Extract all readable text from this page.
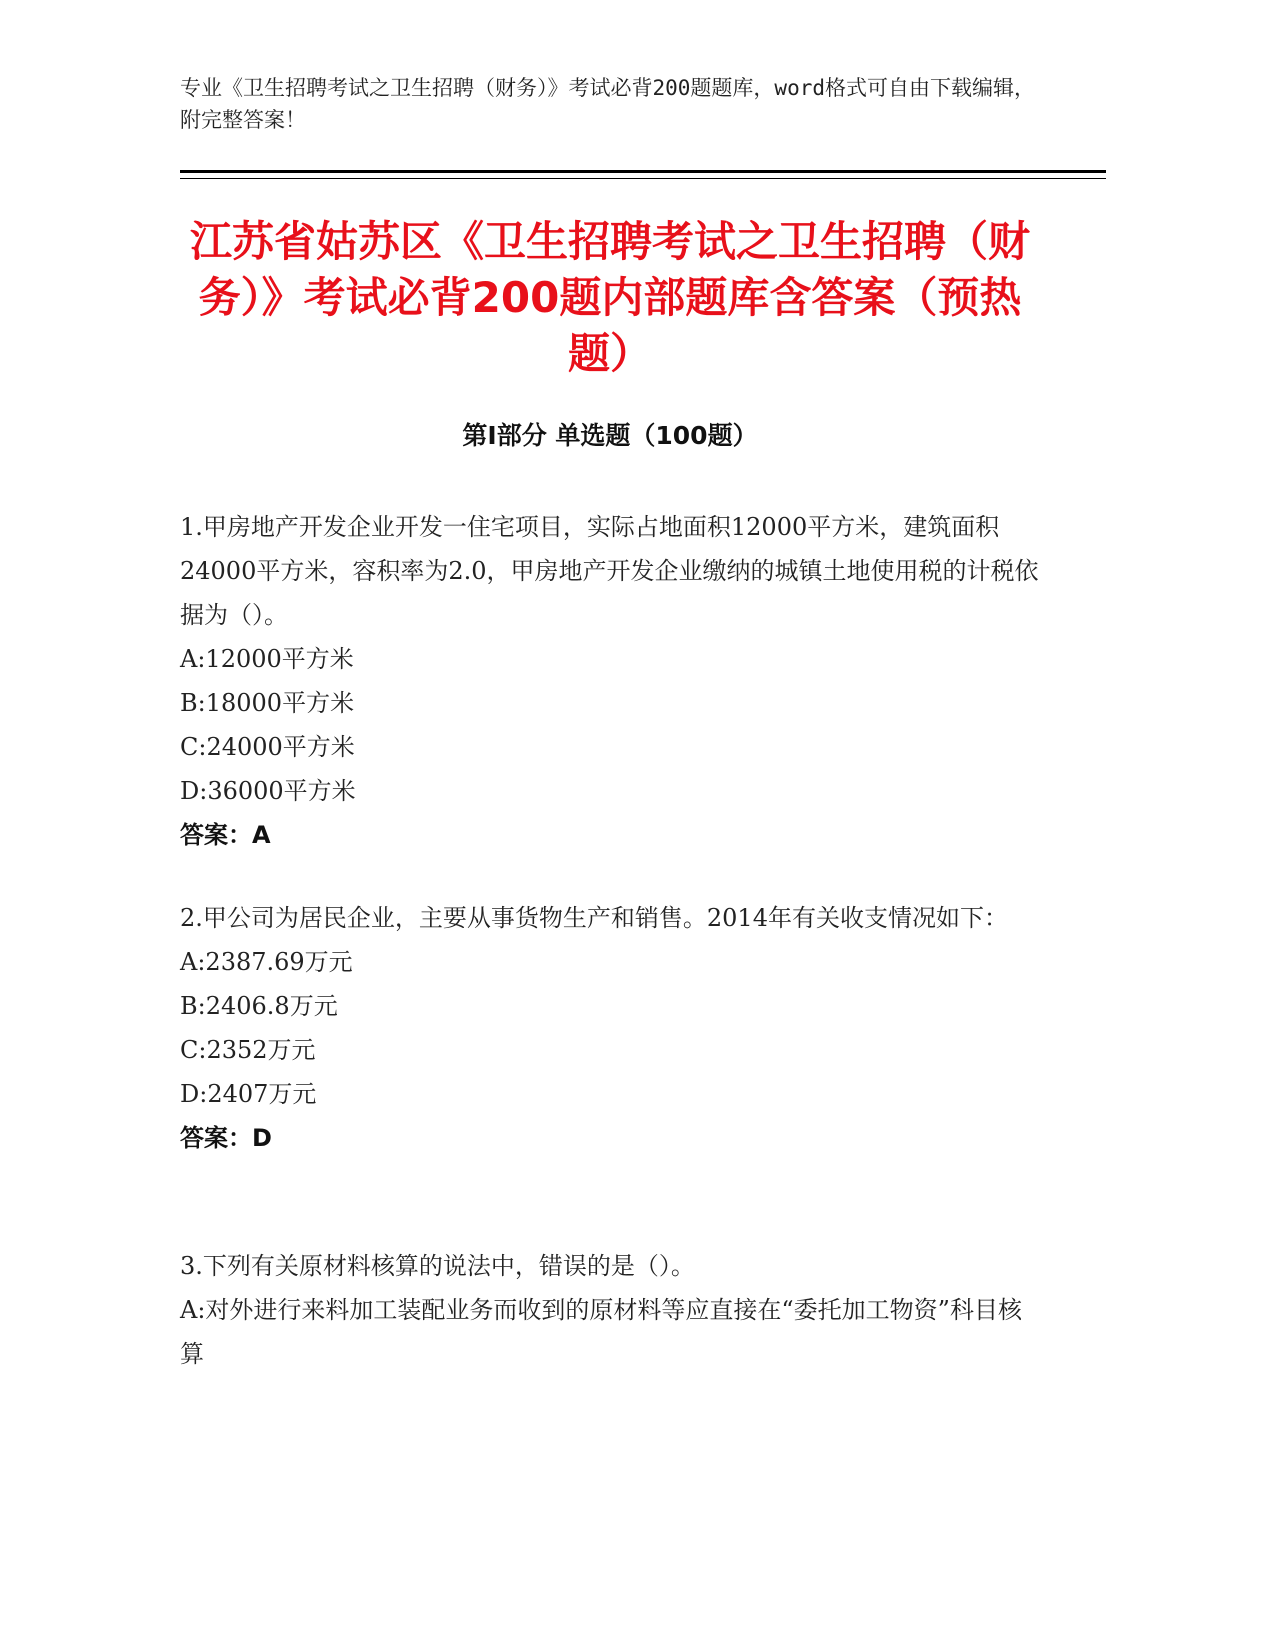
专业《卫生招聘考试之卫生招聘（财务）》考试必背200题题库，word格式可自由下载编辑，附完整答案！
江苏省姑苏区《卫生招聘考试之卫生招聘（财务）》考试必背200题内部题库含答案（预热题）
第Ⅰ部分 单选题（100题）

1.甲房地产开发企业开发一住宅项目，实际占地面积12000平方米，建筑面积24000平方米，容积率为2.0，甲房地产开发企业缴纳的城镇土地使用税的计税依据为（）。

A:12000平方米

B:18000平方米

C:24000平方米

D:36000平方米

答案：A

2.甲公司为居民企业，主要从事货物生产和销售。2014年有关收支情况如下：

A:2387.69万元

B:2406.8万元

C:2352万元

D:2407万元

答案：D

3.下列有关原材料核算的说法中，错误的是（）。

A:对外进行来料加工装配业务而收到的原材料等应直接在“委托加工物资”科目核算
